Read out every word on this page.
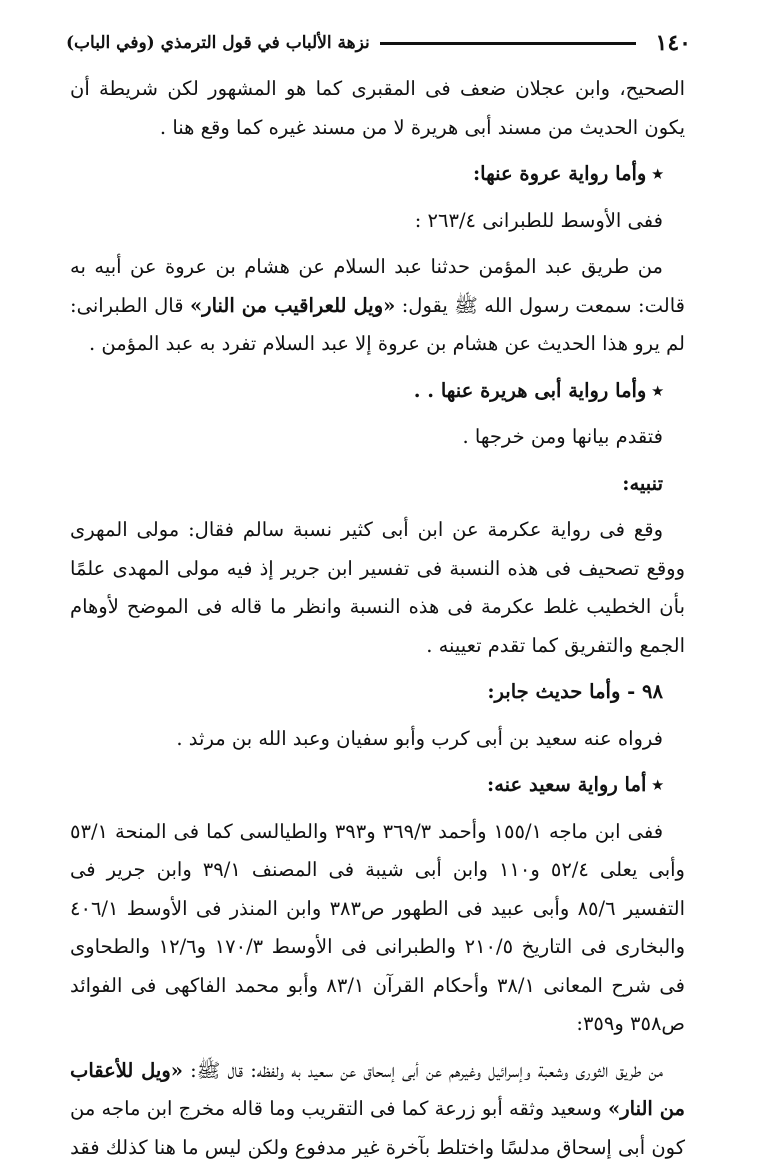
١٤٠
نزهة الألباب في قول الترمذي (وفي الباب)

الصحيح، وابن عجلان ضعف فى المقبرى كما هو المشهور لكن شريطة أن يكون الحديث من مسند أبى هريرة لا من مسند غيره كما وقع هنا .

٭وأما رواية عروة عنها:

ففى الأوسط للطبرانى ٢٦٣/٤ :

من طريق عبد المؤمن حدثنا عبد السلام عن هشام بن عروة عن أبيه به قالت: سمعت رسول الله ﷺ يقول: «ويل للعراقيب من النار» قال الطبرانى: لم يرو هذا الحديث عن هشام بن عروة إلا عبد السلام تفرد به عبد المؤمن .

٭وأما رواية أبى هريرة عنها . .

فتقدم بيانها ومن خرجها .

تنبيه:

وقع فى رواية عكرمة عن ابن أبى كثير نسبة سالم فقال: مولى المهرى ووقع تصحيف فى هذه النسبة فى تفسير ابن جرير إذ فيه مولى المهدى علمًا بأن الخطيب غلط عكرمة فى هذه النسبة وانظر ما قاله فى الموضح لأوهام الجمع والتفريق كما تقدم تعيينه .

٩٨ - وأما حديث جابر:

فرواه عنه سعيد بن أبى كرب وأبو سفيان وعبد الله بن مرثد .

٭أما رواية سعيد عنه:

ففى ابن ماجه ١٥٥/١ وأحمد ٣٦٩/٣ و٣٩٣ والطيالسى كما فى المنحة ٥٣/١ وأبى يعلى ٥٢/٤ و١١٠ وابن أبى شيبة فى المصنف ٣٩/١ وابن جرير فى التفسير ٨٥/٦ وأبى عبيد فى الطهور ص٣٨٣ وابن المنذر فى الأوسط ٤٠٦/١ والبخارى فى التاريخ ٢١٠/٥ والطبرانى فى الأوسط ١٧٠/٣ و١٢/٦ والطحاوى فى شرح المعانى ٣٨/١ وأحكام القرآن ٨٣/١ وأبو محمد الفاكهى فى الفوائد ص٣٥٨ و٣٥٩:

من طريق الثورى وشعبة وإسرائيل وغيرهم عن أبى إسحاق عن سعيد به ولفظه: قال ﷺ: «ويل للأعقاب من النار» وسعيد وثقه أبو زرعة كما فى التقريب وما قاله مخرج ابن ماجه من كون أبى إسحاق مدلسًا واختلط بآخرة غير مدفوع ولكن ليس ما هنا كذلك فقد
